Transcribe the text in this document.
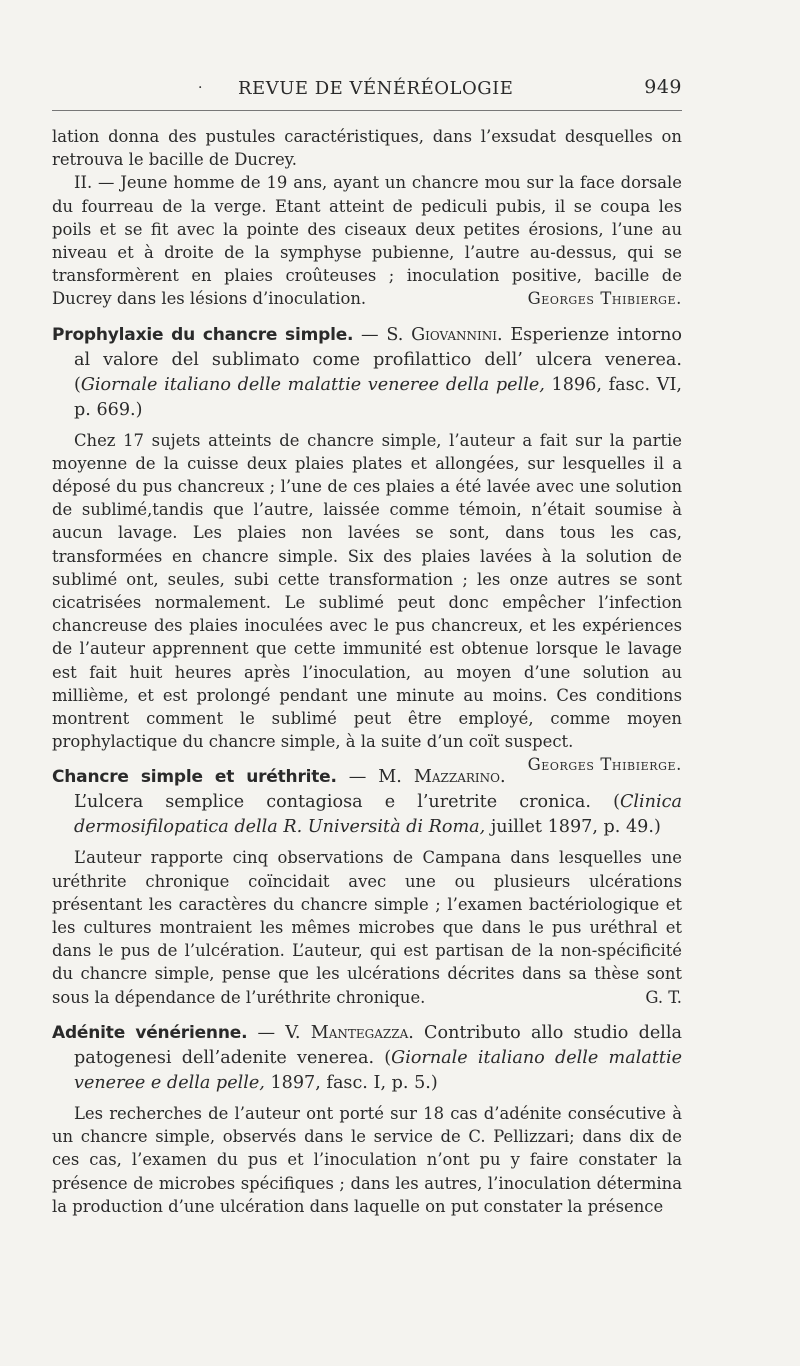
· REVUE DE VÉNÉRÉOLOGIE	949

lation donna des pustules caractéristiques, dans l’exsudat desquelles on retrouva le bacille de Ducrey.

II. — Jeune homme de 19 ans, ayant un chancre mou sur la face dorsale du fourreau de la verge. Etant atteint de pediculi pubis, il se coupa les poils et se fit avec la pointe des ciseaux deux petites érosions, l’une au niveau et à droite de la symphyse pubienne, l’autre au-dessus, qui se transformèrent en plaies croûteuses ; inoculation positive, bacille de Ducrey dans les lésions d’inoculation.	Georges Thibierge.

Prophylaxie du chancre simple. — S. Giovannini. Esperienze intorno al valore del sublimato come profilattico dell’ ulcera venerea. (Giornale italiano delle malattie veneree della pelle, 1896, fasc. VI, p. 669.)

Chez 17 sujets atteints de chancre simple, l’auteur a fait sur la partie moyenne de la cuisse deux plaies plates et allongées, sur lesquelles il a déposé du pus chancreux ; l’une de ces plaies a été lavée avec une solution de sublimé,tandis que l’autre, laissée comme témoin, n’était soumise à aucun lavage. Les plaies non lavées se sont, dans tous les cas, transformées en chancre simple. Six des plaies lavées à la solution de sublimé ont, seules, subi cette transformation ; les onze autres se sont cicatrisées normalement. Le sublimé peut donc empêcher l’infection chancreuse des plaies inoculées avec le pus chancreux, et les expériences de l’auteur apprennent que cette immunité est obtenue lorsque le lavage est fait huit heures après l’inoculation, au moyen d’une solution au millième, et est prolongé pendant une minute au moins. Ces conditions montrent comment le sublimé peut être employé, comme moyen prophylactique du chancre simple, à la suite d’un coït suspect.
Georges Thibierge.

Chancre simple et uréthrite. — M. Mazzarino. L’ulcera semplice contagiosa e l’uretrite cronica. (Clinica dermosifilopatica della R. Università di Roma, juillet 1897, p. 49.)

L’auteur rapporte cinq observations de Campana dans lesquelles une uréthrite chronique coïncidait avec une ou plusieurs ulcérations présentant les caractères du chancre simple ; l’examen bactériologique et les cultures montraient les mêmes microbes que dans le pus uréthral et dans le pus de l’ulcération. L’auteur, qui est partisan de la non-spécificité du chancre simple, pense que les ulcérations décrites dans sa thèse sont sous la dépendance de l’uréthrite chronique.	G. T.

Adénite vénérienne. — V. Mantegazza. Contributo allo studio della patogenesi dell’adenite venerea. (Giornale italiano delle malattie veneree e della pelle, 1897, fasc. I, p. 5.)

Les recherches de l’auteur ont porté sur 18 cas d’adénite consécutive à un chancre simple, observés dans le service de C. Pellizzari; dans dix de ces cas, l’examen du pus et l’inoculation n’ont pu y faire constater la présence de microbes spécifiques ; dans les autres, l’inoculation détermina la production d’une ulcération dans laquelle on put constater la présence
